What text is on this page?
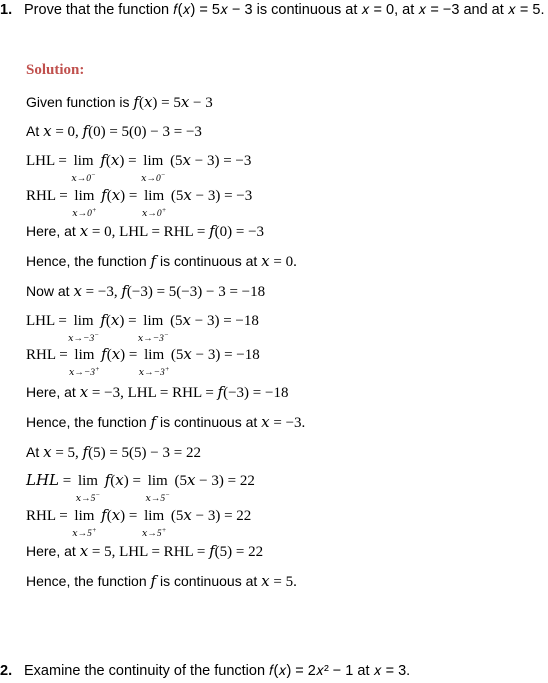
1. Prove that the function 𝑓(𝑥) = 5𝑥 − 3 is continuous at 𝑥 = 0, at 𝑥 = −3 and at 𝑥 = 5.
Solution:
Given function is 𝑓(𝑥) = 5𝑥 − 3
At 𝑥 = 0, 𝑓(0) = 5(0) − 3 = −3
LHL = lim
𝑥→0−
𝑓(𝑥) = lim
𝑥→0−
(5𝑥 − 3) = −3
RHL = lim
𝑥→0+
𝑓(𝑥) = lim
𝑥→0+
(5𝑥 − 3) = −3
Here, at 𝑥 = 0, LHL = RHL = 𝑓(0) = −3
Hence, the function 𝑓 is continuous at 𝑥 = 0.
Now at 𝑥 = −3, 𝑓(−3) = 5(−3) − 3 = −18
LHL = lim
𝑥→−3−
𝑓(𝑥) = lim
𝑥→−3−
(5𝑥 − 3) = −18
RHL = lim
𝑥→−3+
𝑓(𝑥) = lim
𝑥→−3+
(5𝑥 − 3) = −18
Here, at 𝑥 = −3, LHL = RHL = 𝑓(−3) = −18
Hence, the function 𝑓 is continuous at 𝑥 = −3.
At 𝑥 = 5, 𝑓(5) = 5(5) − 3 = 22
𝐿𝐻𝐿 = lim
𝑥→5−
𝑓(𝑥) = lim
𝑥→5−
(5𝑥 − 3) = 22
RHL = lim
𝑥→5+
𝑓(𝑥) = lim
𝑥→5+
(5𝑥 − 3) = 22
Here, at 𝑥 = 5, LHL = RHL = 𝑓(5) = 22
Hence, the function 𝑓 is continuous at 𝑥 = 5.
2. Examine the continuity of the function 𝑓(𝑥) = 2𝑥² − 1 at 𝑥 = 3.
